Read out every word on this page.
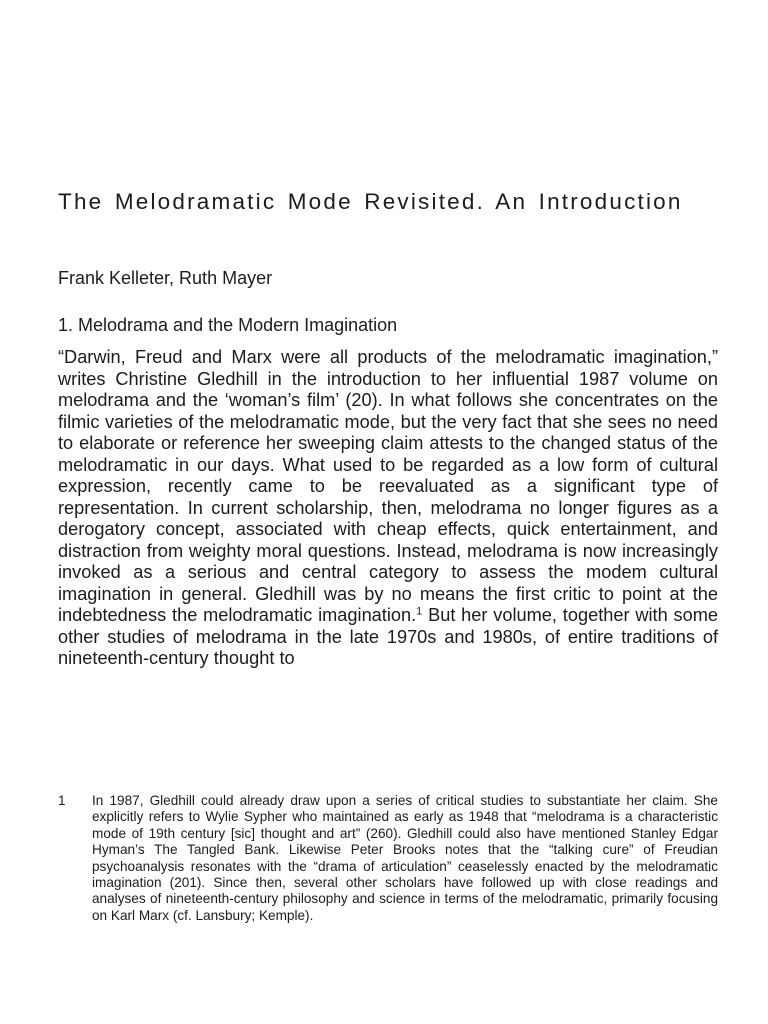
The Melodramatic Mode Revisited. An Introduction

Frank Kelleter, Ruth Mayer

1. Melodrama and the Modern Imagination

“Darwin, Freud and Marx were all products of the melodramatic imagination,” writes Christine Gledhill in the introduction to her influential 1987 volume on melodrama and the ‘woman’s film’ (20). In what follows she concentrates on the filmic varieties of the melodramatic mode, but the very fact that she sees no need to elaborate or reference her sweeping claim attests to the changed status of the melodramatic in our days. What used to be regarded as a low form of cultural expression, recently came to be reevaluated as a significant type of representation. In current scholarship, then, melodrama no longer figures as a derogatory concept, associated with cheap effects, quick entertainment, and distraction from weighty moral questions. Instead, melodrama is now increasingly invoked as a serious and central category to assess the modem cultural imagination in general. Gledhill was by no means the first critic to point at the indebtedness the melodramatic imagination.$^1$ But her volume, together with some other studies of melodrama in the late 1970s and 1980s, of entire traditions of nineteenth-century thought to

1	In 1987, Gledhill could already draw upon a series of critical studies to substantiate her claim. She explicitly refers to Wylie Sypher who maintained as early as 1948 that “melodrama is a characteristic mode of 19th century [sic] thought and art” (260). Gledhill could also have mentioned Stanley Edgar Hyman’s The Tangled Bank. Likewise Peter Brooks notes that the “talking cure” of Freudian psychoanalysis resonates with the “drama of articulation” ceaselessly enacted by the melodramatic imagination (201). Since then, several other scholars have followed up with close readings and analyses of nineteenth-century philosophy and science in terms of the melodramatic, primarily focusing on Karl Marx (cf. Lansbury; Kemple).
